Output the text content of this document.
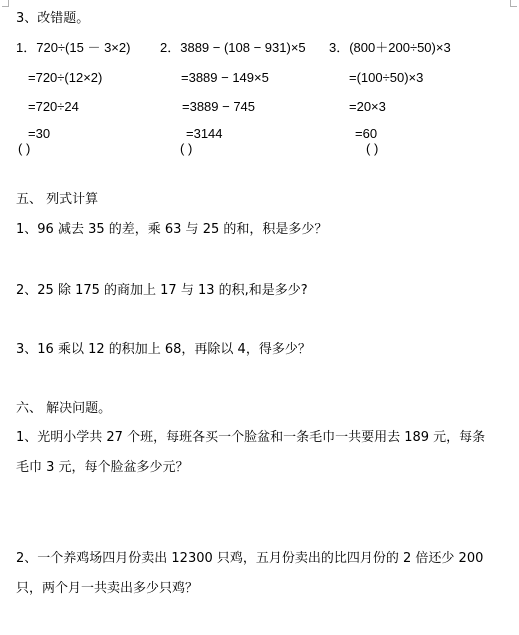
3、改错题。
1．720÷(15 － 3×2)
=720÷(12×2)
=720÷24
=30
( )
2．3889 − (108 − 931)×5
=3889 − 149×5
=3889 − 745
=3144
( )
3．(800＋200÷50)×3
=(100÷50)×3
=20×3
=60
( )
五、 列式计算
1、96 减去 35 的差，乘 63 与 25 的和，积是多少？
2、25 除 175 的商加上 17 与 13 的积,和是多少?
3、16 乘以 12 的积加上 68，再除以 4，得多少？
六、 解决问题。
1、光明小学共 27 个班，每班各买一个脸盆和一条毛巾一共要用去 189 元，每条
毛巾 3 元，每个脸盆多少元？
2、一个养鸡场四月份卖出 12300 只鸡，五月份卖出的比四月份的 2 倍还少 200
只，两个月一共卖出多少只鸡？
